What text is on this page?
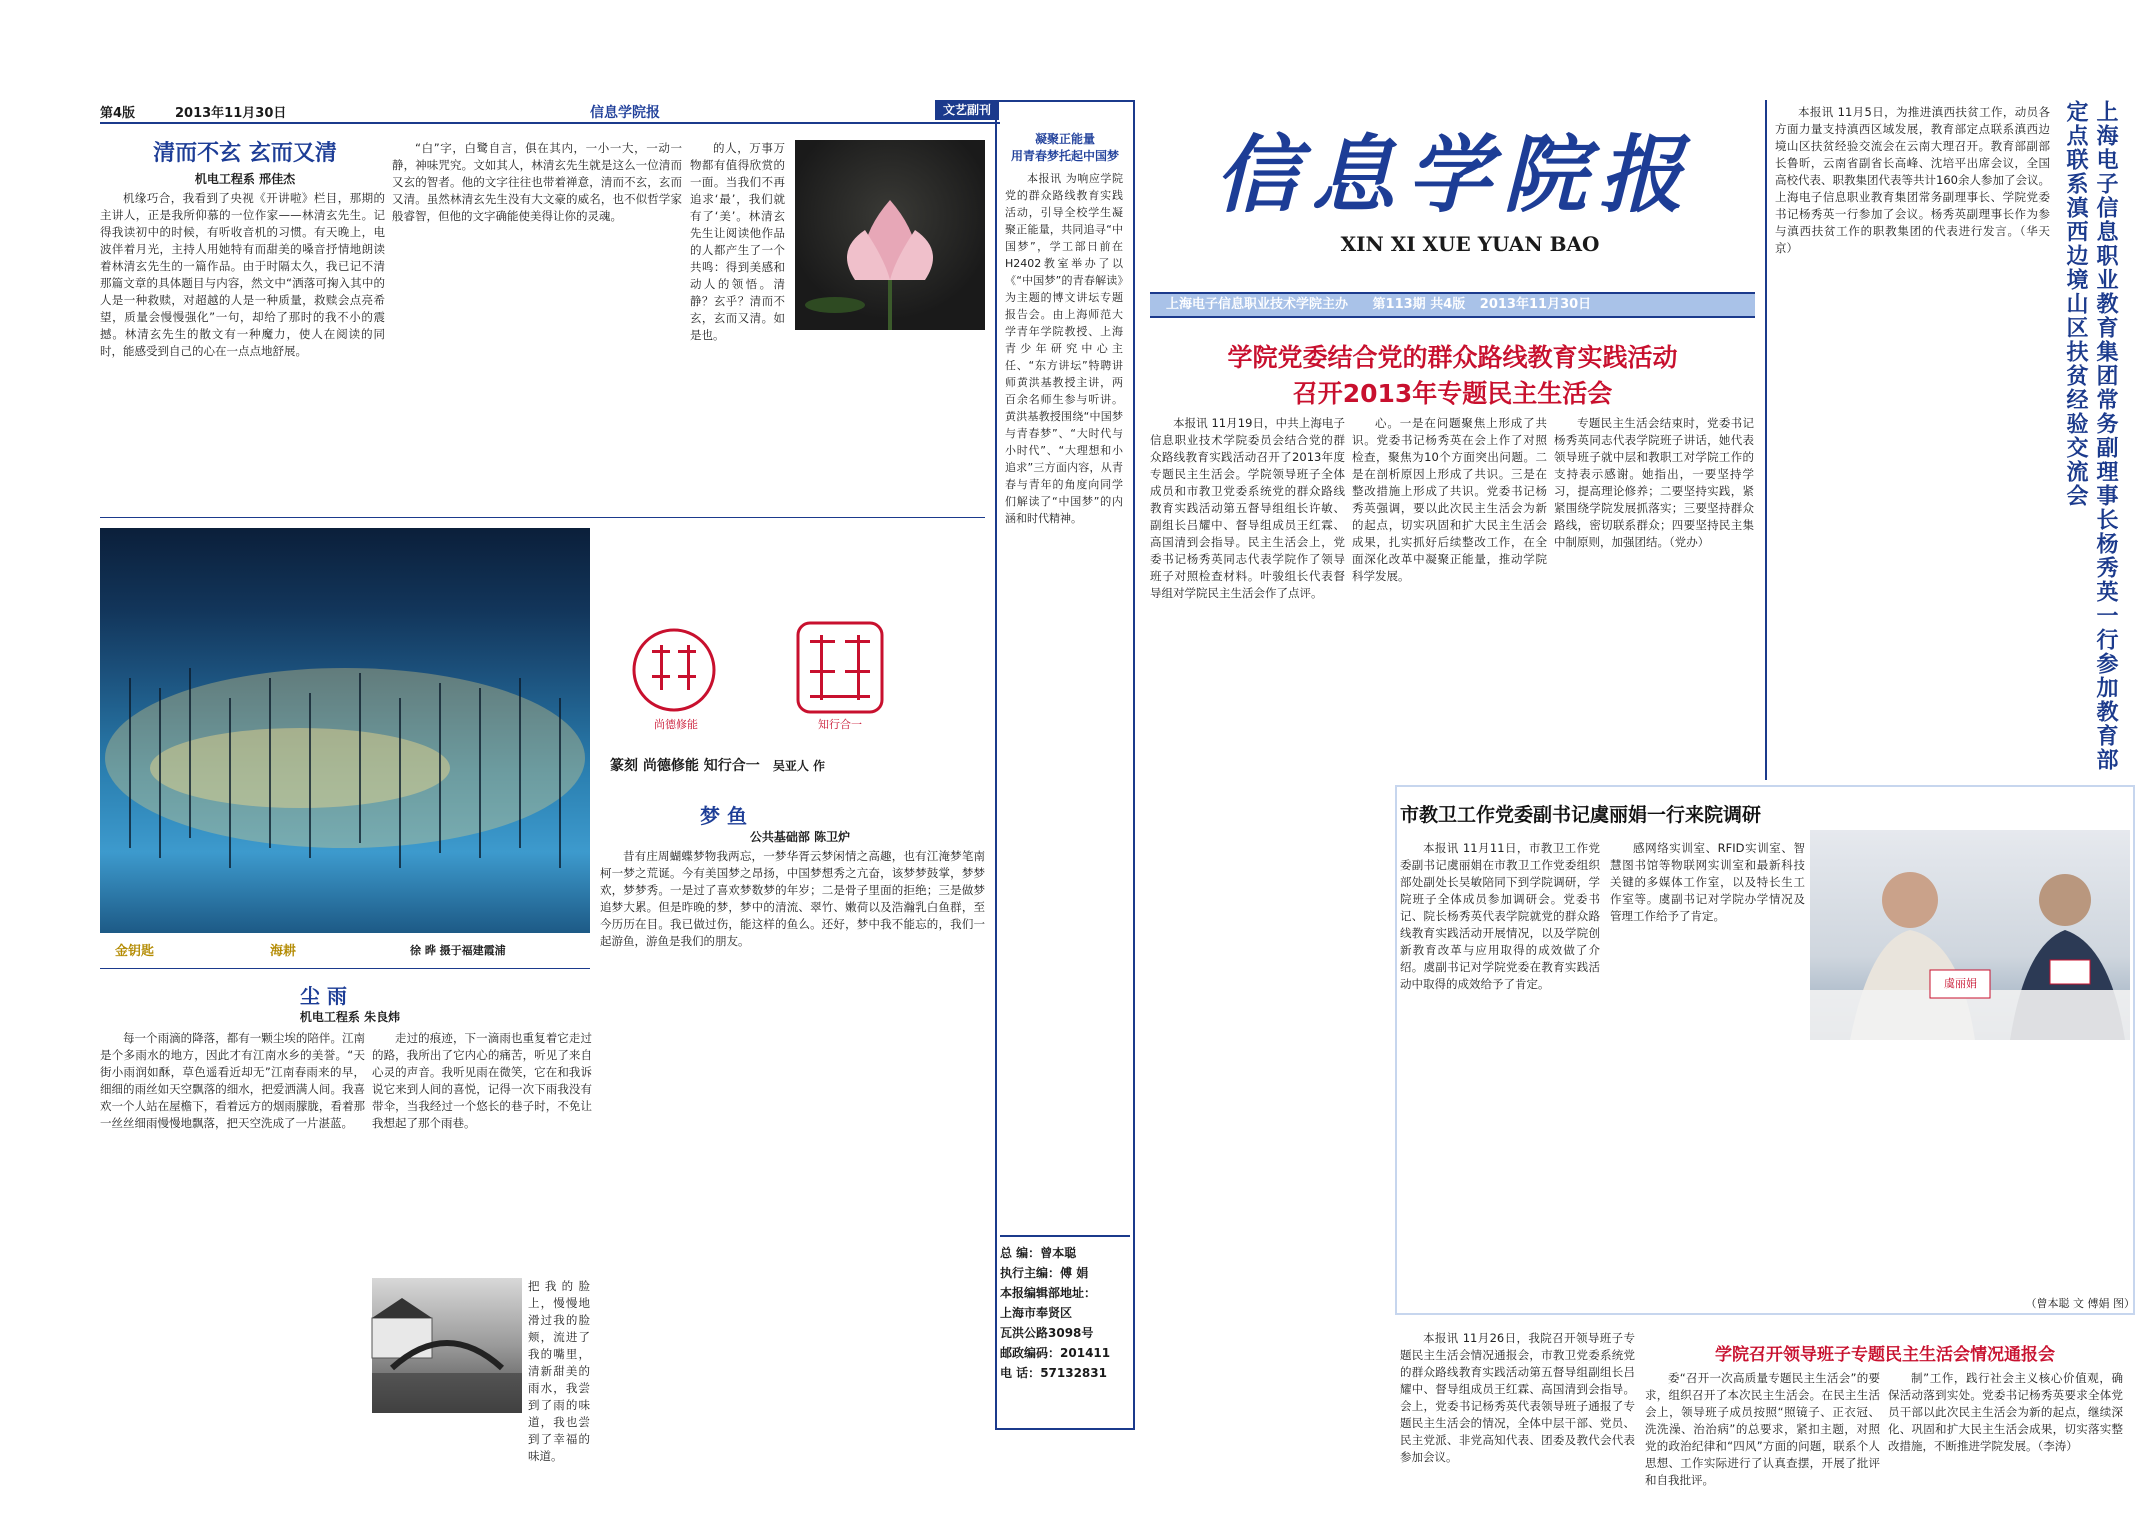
第4版	2013年11月30日	信息学院报	文艺副刊
清而不玄 玄而又清
机电工程系 邢佳杰
机缘巧合，我看到了央视《开讲啦》栏目，那期的主讲人，正是我所仰慕的一位作家——林清玄先生。记得我读初中的时候，有听收音机的习惯。有天晚上，电波伴着月光，主持人用她特有而甜美的嗓音抒情地朗读着林清玄先生的一篇作品。由于时隔太久，我已记不清那篇文章的具体题目与内容，然文中“洒落可掬入其中的人是一种救赎，对超越的人是一种质量，救赎会点亮希望，质量会慢慢强化”一句，却给了那时的我不小的震撼。林清玄先生的散文有一种魔力，使人在阅读的同时，能感受到自己的心在一点点地舒展。
“白”字，白鹭自言，俱在其内，一小一大，一动一静，神味咒究。文如其人，林清玄先生就是这么一位清而又玄的智者。他的文字往往也带着禅意，清而不玄，玄而又清。虽然林清玄先生没有大文豪的威名，也不似哲学家般睿智，但他的文字确能使美得让你的灵魂。
的人，万事万物都有值得欣赏的一面。当我们不再追求‘最’，我们就有了‘美’。林清玄先生让阅读他作品的人都产生了一个共鸣：得到美感和动人的领悟。清静？玄乎？清而不玄，玄而又清。如是也。
金钥匙	海耕	徐 晔 摄于福建霞浦
篆刻 尚德修能 知行合一 吴亚人 作
尚德修能	知行合一
梦 鱼
公共基础部 陈卫炉
昔有庄周蝴蝶梦物我两忘，一梦华胥云梦闲情之高趣，也有江淹梦笔南柯一梦之荒诞。今有美国梦之昂扬，中国梦想秀之亢奋，该梦梦鼓掌，梦梦欢，梦梦秀。一是过了喜欢梦数梦的年岁；二是骨子里面的拒绝；三是做梦追梦大累。但是昨晚的梦，梦中的清流、翠竹、嫩荷以及浩瀚乳白鱼群，至今历历在目。我已做过伤，能这样的鱼么。还好，梦中我不能忘的，我们一起游鱼，游鱼是我们的朋友。
尘 雨
机电工程系 朱良炜
每一个雨滴的降落，都有一颗尘埃的陪伴。江南是个多雨水的地方，因此才有江南水乡的美誉。“天街小雨润如酥，草色遥看近却无”江南春雨来的早，细细的雨丝如天空飘落的细水，把爱洒满人间。我喜欢一个人站在屋檐下，看着远方的烟雨朦胧，看着那一丝丝细雨慢慢地飘落，把天空洗成了一片湛蓝。
走过的痕迹，下一滴雨也重复着它走过的路，我所出了它内心的痛苦，听见了来自心灵的声音。我听见雨在微笑，它在和我诉说它来到人间的喜悦，记得一次下雨我没有带伞，当我经过一个悠长的巷子时，不免让我想起了那个雨巷。
把我的脸上，慢慢地滑过我的脸颊，流进了我的嘴里，清新甜美的雨水，我尝到了雨的味道，我也尝到了幸福的味道。
凝聚正能量
用青春梦托起中国梦
本报讯 为响应学院党的群众路线教育实践活动，引导全校学生凝聚正能量，共同追寻“中国梦”，学工部日前在H2402教室举办了以《“中国梦”的青春解读》为主题的博文讲坛专题报告会。由上海师范大学青年学院教授、上海青少年研究中心主任、“东方讲坛”特聘讲师黄洪基教授主讲，两百余名师生参与听讲。黄洪基教授围绕“中国梦与青春梦”、“大时代与小时代”、“大理想和小追求”三方面内容，从青春与青年的角度向同学们解读了“中国梦”的内涵和时代精神。
总 编：曾本聪
执行主编：傅 娟
本报编辑部地址：
上海市奉贤区
瓦洪公路3098号
邮政编码：201411
电 话：57132831
信息学院报
XIN XI XUE YUAN BAO
上海电子信息职业技术学院主办 第113期 共4版 2013年11月30日
学院党委结合党的群众路线教育实践活动
召开2013年专题民主生活会
本报讯 11月19日，中共上海电子信息职业技术学院委员会结合党的群众路线教育实践活动召开了2013年度专题民主生活会。学院领导班子全体成员和市教卫党委系统党的群众路线教育实践活动第五督导组组长许敏、副组长吕耀中、督导组成员王红霖、高国清到会指导。民主生活会上，党委书记杨秀英同志代表学院作了领导班子对照检查材料。叶骏组长代表督导组对学院民主生活会作了点评。
心。一是在问题聚焦上形成了共识。党委书记杨秀英在会上作了对照检查，聚焦为10个方面突出问题。二是在剖析原因上形成了共识。三是在整改措施上形成了共识。党委书记杨秀英强调，要以此次民主生活会为新的起点，切实巩固和扩大民主生活会成果，扎实抓好后续整改工作，在全面深化改革中凝聚正能量，推动学院科学发展。
专题民主生活会结束时，党委书记杨秀英同志代表学院班子讲话，她代表领导班子就中层和教职工对学院工作的支持表示感谢。她指出，一要坚持学习，提高理论修养；二要坚持实践，紧紧围绕学院发展抓落实；三要坚持群众路线，密切联系群众；四要坚持民主集中制原则，加强团结。（党办）
市教卫工作党委副书记虞丽娟一行来院调研
本报讯 11月11日，市教卫工作党委副书记虞丽娟在市教卫工作党委组织部处副处长吴敏陪同下到学院调研，学院班子全体成员参加调研会。党委书记、院长杨秀英代表学院就党的群众路线教育实践活动开展情况，以及学院创新教育改革与应用取得的成效做了介绍。虞副书记对学院党委在教育实践活动中取得的成效给予了肯定。
感网络实训室、RFID实训室、智慧图书馆等物联网实训室和最新科技关键的多媒体工作室，以及特长生工作室等。虞副书记对学院办学情况及管理工作给予了肯定。
虞丽娟
（曾本聪 文 傅娟 图）
本报讯 11月5日，为推进滇西扶贫工作，动员各方面力量支持滇西区域发展，教育部定点联系滇西边境山区扶贫经验交流会在云南大理召开。教育部副部长鲁昕，云南省副省长高峰、沈培平出席会议，全国高校代表、职教集团代表等共计160余人参加了会议。上海电子信息职业教育集团常务副理事长、学院党委书记杨秀英一行参加了会议。杨秀英副理事长作为参与滇西扶贫工作的职教集团的代表进行发言。（华天京）	上海电子信息职业教育集团常务副理事长杨秀英一行参加教育部定点联系滇西边境山区扶贫经验交流会
学院召开领导班子专题民主生活会情况通报会
本报讯 11月26日，我院召开领导班子专题民主生活会情况通报会，市教卫党委系统党的群众路线教育实践活动第五督导组副组长吕耀中、督导组成员王红霖、高国清到会指导。会上，党委书记杨秀英代表领导班子通报了专题民主生活会的情况，全体中层干部、党员、民主党派、非党高知代表、团委及教代会代表参加会议。
委“召开一次高质量专题民主生活会”的要求，组织召开了本次民主生活会。在民主生活会上，领导班子成员按照“照镜子、正衣冠、洗洗澡、治治病”的总要求，紧扣主题，对照党的政治纪律和“四风”方面的问题，联系个人思想、工作实际进行了认真查摆，开展了批评和自我批评。
制”工作，践行社会主义核心价值观，确保活动落到实处。党委书记杨秀英要求全体党员干部以此次民主生活会为新的起点，继续深化、巩固和扩大民主生活会成果，切实落实整改措施，不断推进学院发展。（李涛）
